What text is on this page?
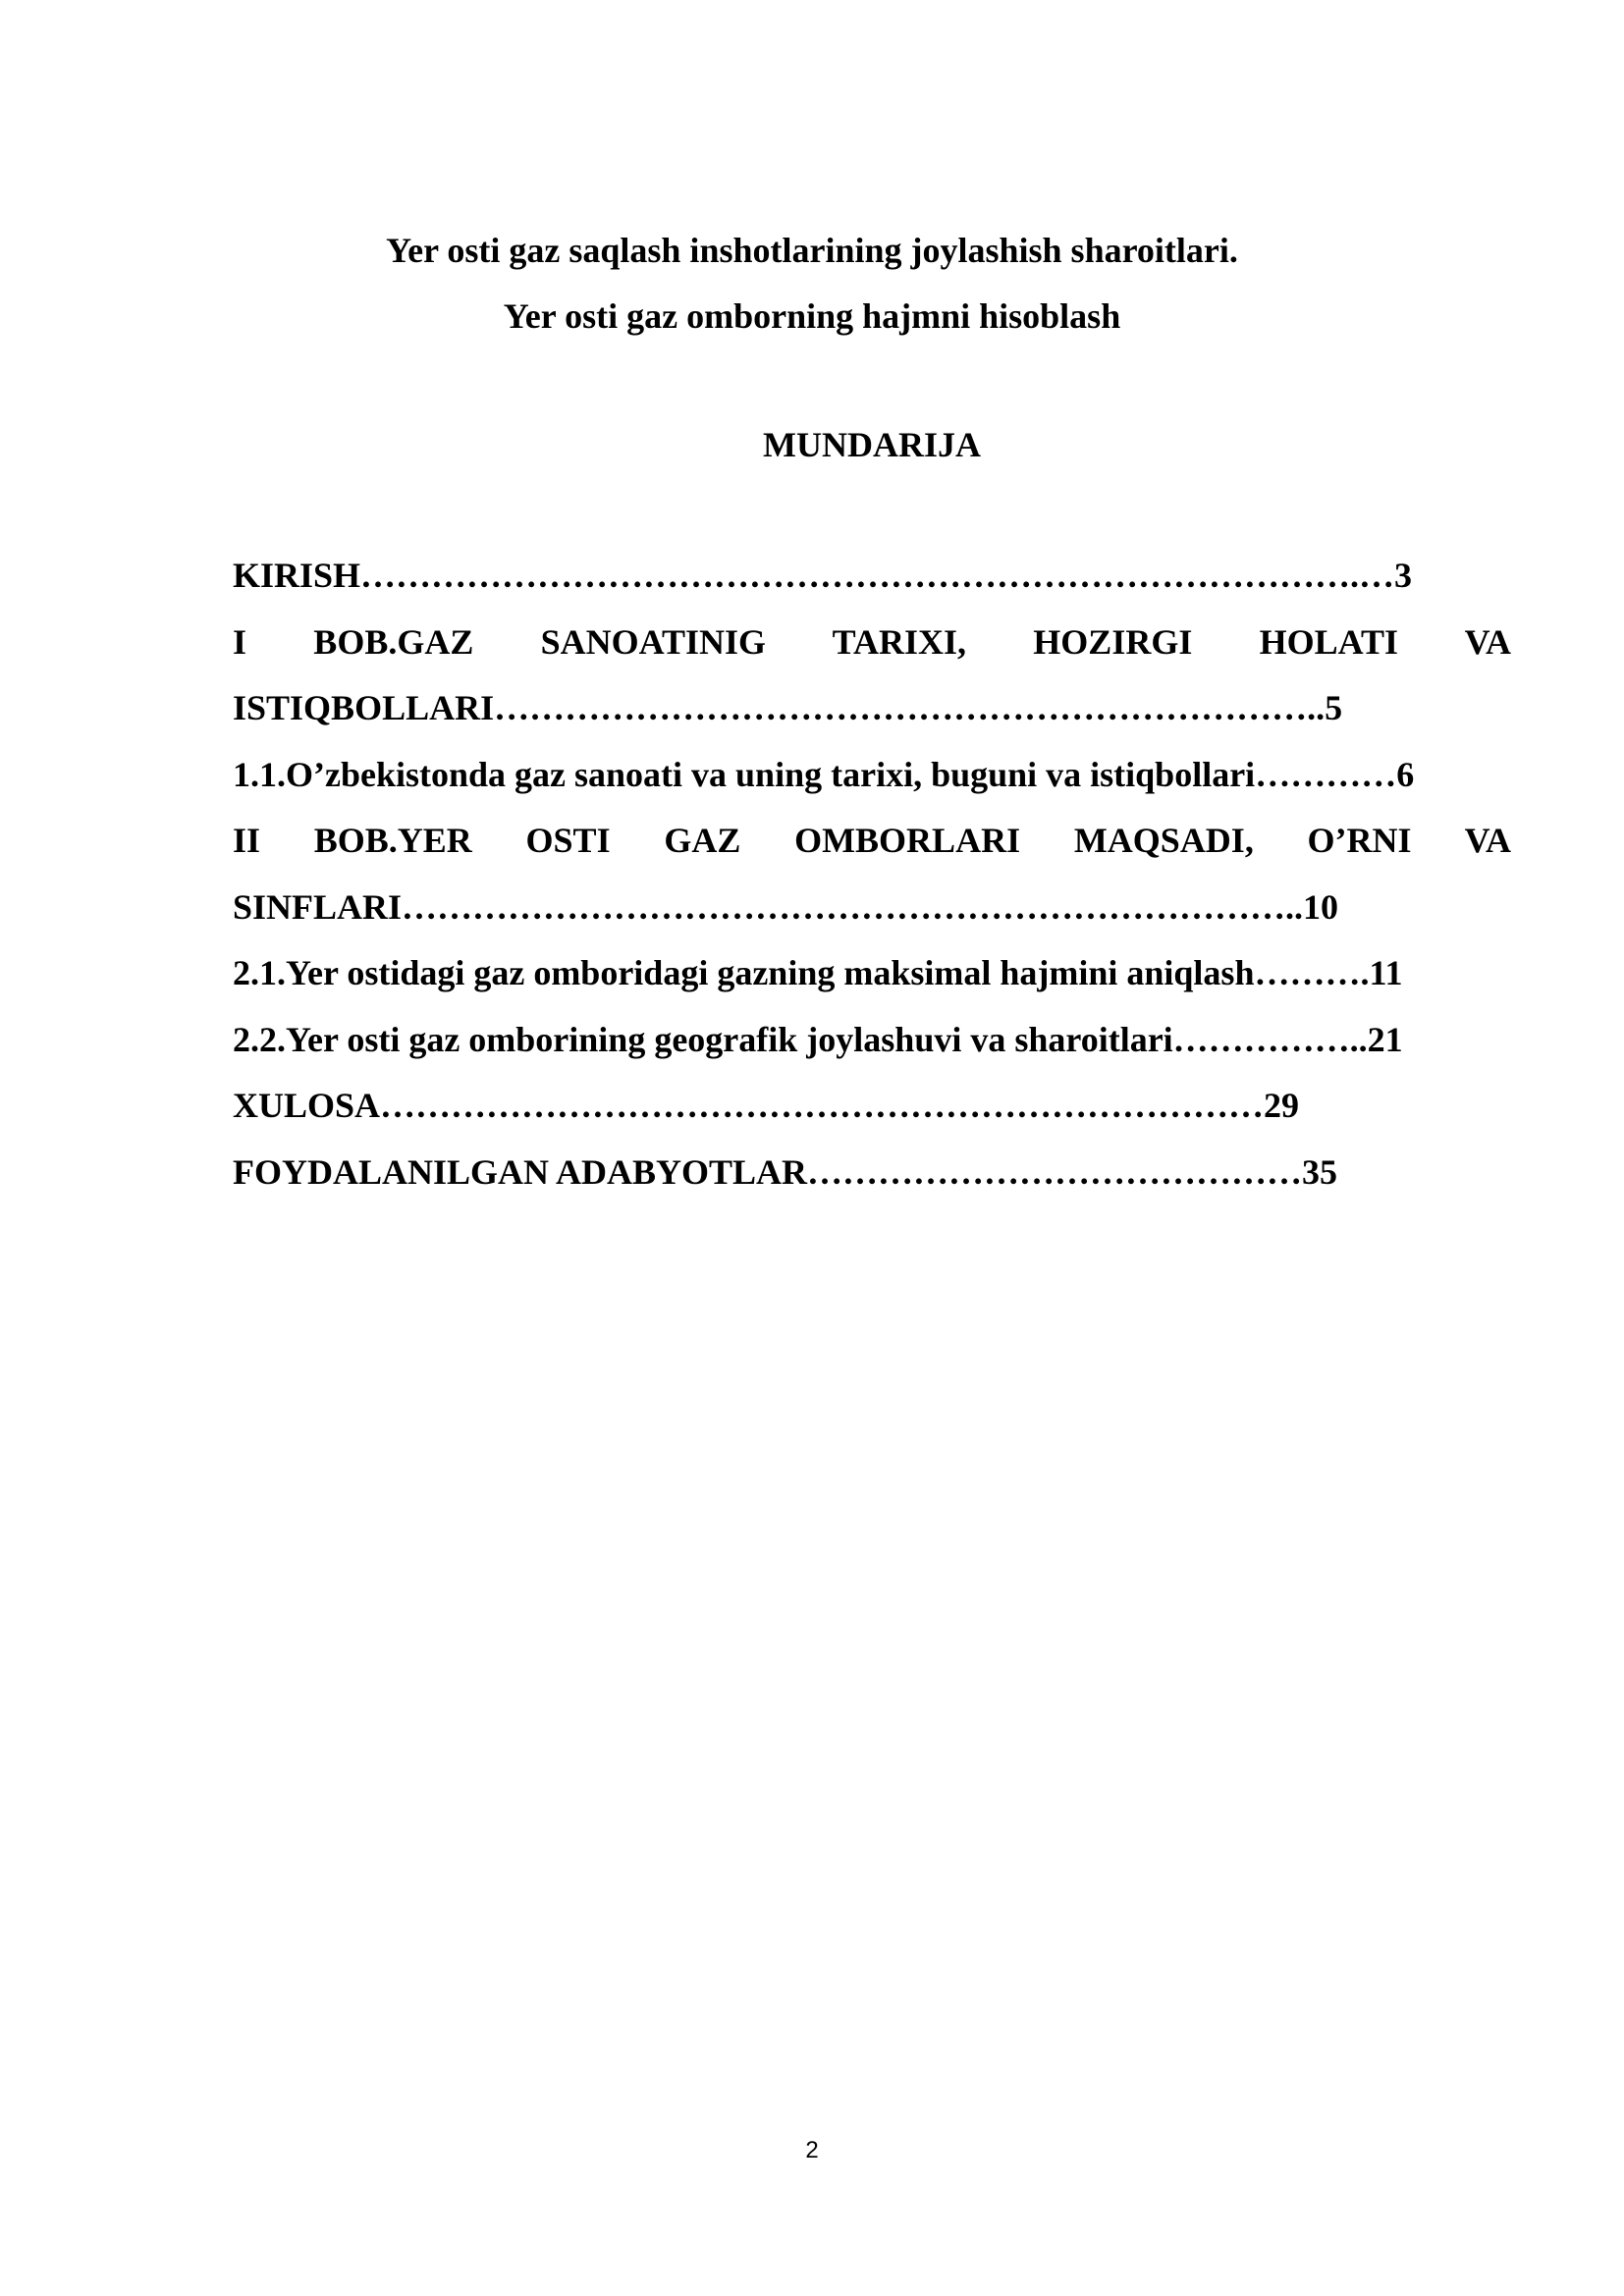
Yer osti gaz saqlash inshotlarining joylashish sharoitlari.
Yer osti gaz omborning hajmni hisoblash
MUNDARIJA
KIRISH………………………………………………………………………….…3
I BOB.GAZ SANOATINIG TARIXI, HOZIRGI HOLATI VA
ISTIQBOLLARI……………………………………………………………..5
1.1.O’zbekistonda gaz sanoati va uning tarixi, buguni va istiqbollari…………6
II BOB.YER OSTI GAZ OMBORLARI MAQSADI, O’RNI VA
SINFLARI…………………………………………………………………..10
2.1.Yer ostidagi gaz omboridagi gazning maksimal hajmini aniqlash……….11
2.2.Yer osti gaz omborining geografik joylashuvi va sharoitlari……………..21
XULOSA…………………………………………………………………29
FOYDALANILGAN ADABYOTLAR……………………………………35
2
